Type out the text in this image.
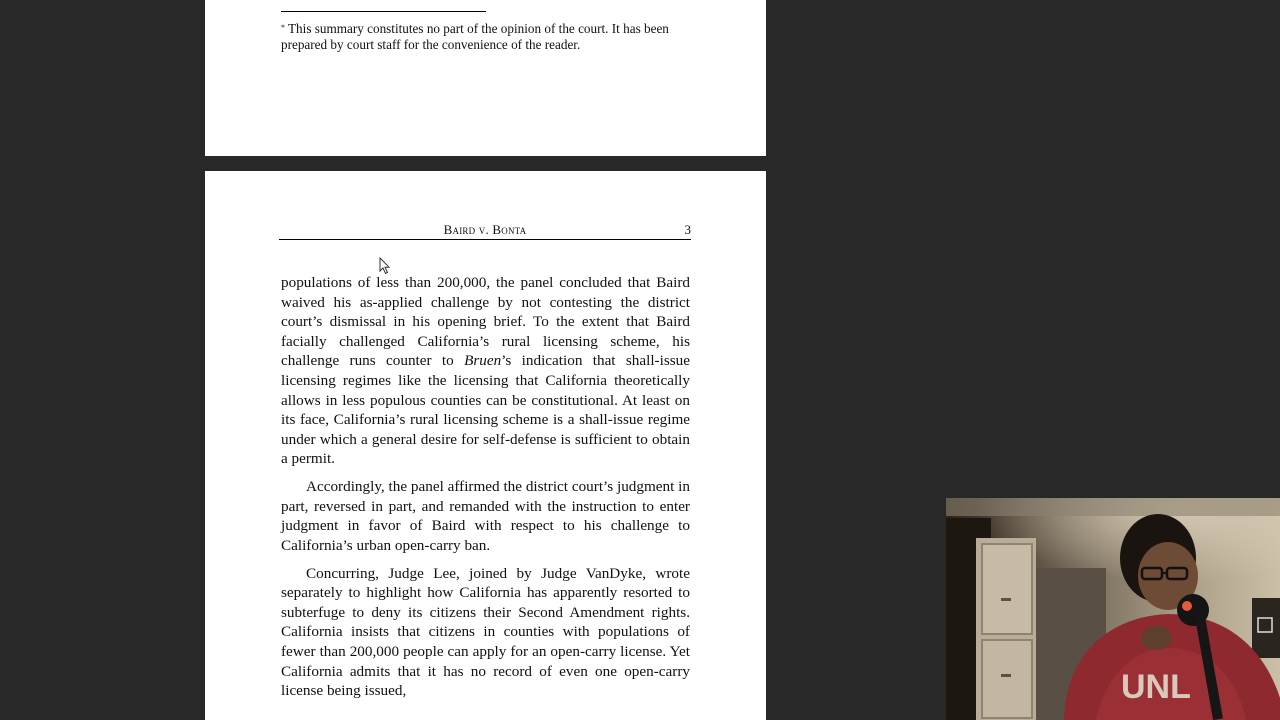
* This summary constitutes no part of the opinion of the court. It has been prepared by court staff for the convenience of the reader.
Baird v. Bonta	3

populations of less than 200,000, the panel concluded that Baird waived his as-applied challenge by not contesting the district court’s dismissal in his opening brief. To the extent that Baird facially challenged California’s rural licensing scheme, his challenge runs counter to Bruen’s indication that shall-issue licensing regimes like the licensing that California theoretically allows in less populous counties can be constitutional. At least on its face, California’s rural licensing scheme is a shall-issue regime under which a general desire for self-defense is sufficient to obtain a permit.

Accordingly, the panel affirmed the district court’s judgment in part, reversed in part, and remanded with the instruction to enter judgment in favor of Baird with respect to his challenge to California’s urban open-carry ban.

Concurring, Judge Lee, joined by Judge VanDyke, wrote separately to highlight how California has apparently resorted to subterfuge to deny its citizens their Second Amendment rights. California insists that citizens in counties with populations of fewer than 200,000 people can apply for an open-carry license. Yet California admits that it has no record of even one open-carry license being issued,	UNL
